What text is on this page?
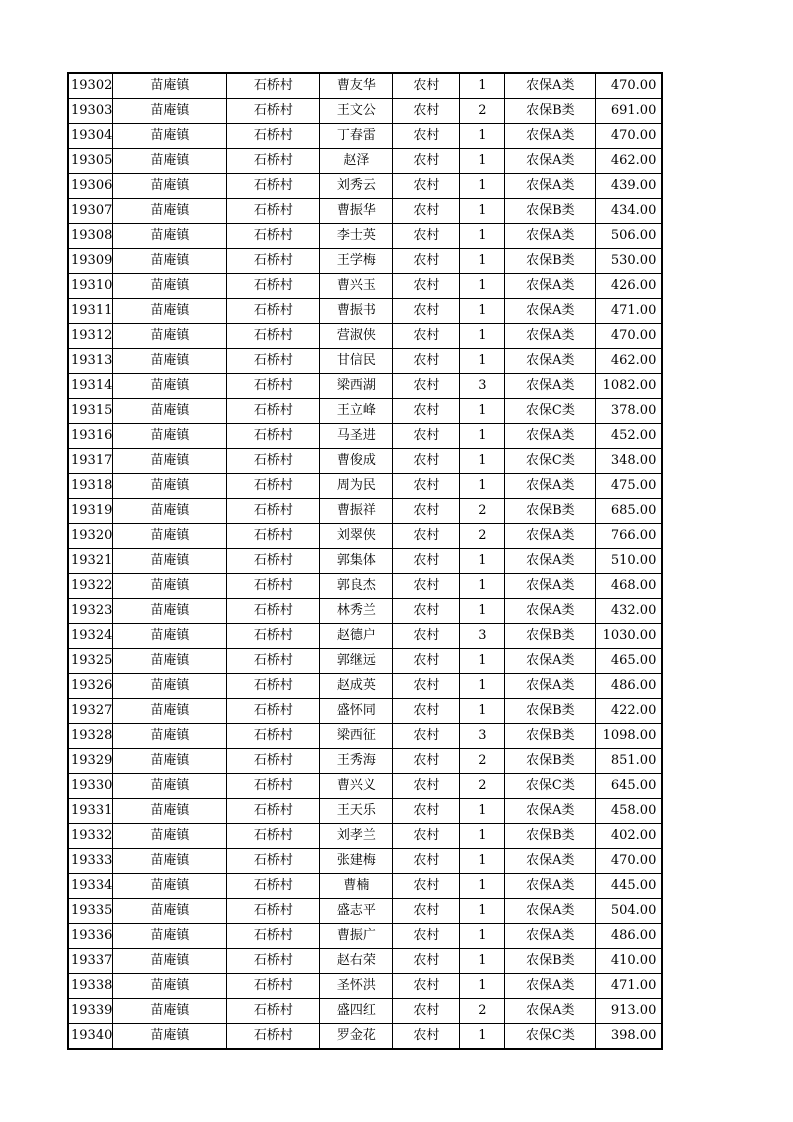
19302	苗庵镇	石桥村	曹友华	农村	1	农保A类	470.00
19303	苗庵镇	石桥村	王文公	农村	2	农保B类	691.00
19304	苗庵镇	石桥村	丁春雷	农村	1	农保A类	470.00
19305	苗庵镇	石桥村	赵泽	农村	1	农保A类	462.00
19306	苗庵镇	石桥村	刘秀云	农村	1	农保A类	439.00
19307	苗庵镇	石桥村	曹振华	农村	1	农保B类	434.00
19308	苗庵镇	石桥村	李士英	农村	1	农保A类	506.00
19309	苗庵镇	石桥村	王学梅	农村	1	农保B类	530.00
19310	苗庵镇	石桥村	曹兴玉	农村	1	农保A类	426.00
19311	苗庵镇	石桥村	曹振书	农村	1	农保A类	471.00
19312	苗庵镇	石桥村	营淑侠	农村	1	农保A类	470.00
19313	苗庵镇	石桥村	甘信民	农村	1	农保A类	462.00
19314	苗庵镇	石桥村	梁西湖	农村	3	农保A类	1082.00
19315	苗庵镇	石桥村	王立峰	农村	1	农保C类	378.00
19316	苗庵镇	石桥村	马圣进	农村	1	农保A类	452.00
19317	苗庵镇	石桥村	曹俊成	农村	1	农保C类	348.00
19318	苗庵镇	石桥村	周为民	农村	1	农保A类	475.00
19319	苗庵镇	石桥村	曹振祥	农村	2	农保B类	685.00
19320	苗庵镇	石桥村	刘翠侠	农村	2	农保A类	766.00
19321	苗庵镇	石桥村	郭集体	农村	1	农保A类	510.00
19322	苗庵镇	石桥村	郭良杰	农村	1	农保A类	468.00
19323	苗庵镇	石桥村	林秀兰	农村	1	农保A类	432.00
19324	苗庵镇	石桥村	赵德户	农村	3	农保B类	1030.00
19325	苗庵镇	石桥村	郭继远	农村	1	农保A类	465.00
19326	苗庵镇	石桥村	赵成英	农村	1	农保A类	486.00
19327	苗庵镇	石桥村	盛怀同	农村	1	农保B类	422.00
19328	苗庵镇	石桥村	梁西征	农村	3	农保B类	1098.00
19329	苗庵镇	石桥村	王秀海	农村	2	农保B类	851.00
19330	苗庵镇	石桥村	曹兴义	农村	2	农保C类	645.00
19331	苗庵镇	石桥村	王天乐	农村	1	农保A类	458.00
19332	苗庵镇	石桥村	刘孝兰	农村	1	农保B类	402.00
19333	苗庵镇	石桥村	张建梅	农村	1	农保A类	470.00
19334	苗庵镇	石桥村	曹楠	农村	1	农保A类	445.00
19335	苗庵镇	石桥村	盛志平	农村	1	农保A类	504.00
19336	苗庵镇	石桥村	曹振广	农村	1	农保A类	486.00
19337	苗庵镇	石桥村	赵右荣	农村	1	农保B类	410.00
19338	苗庵镇	石桥村	圣怀洪	农村	1	农保A类	471.00
19339	苗庵镇	石桥村	盛四红	农村	2	农保A类	913.00
19340	苗庵镇	石桥村	罗金花	农村	1	农保C类	398.00
